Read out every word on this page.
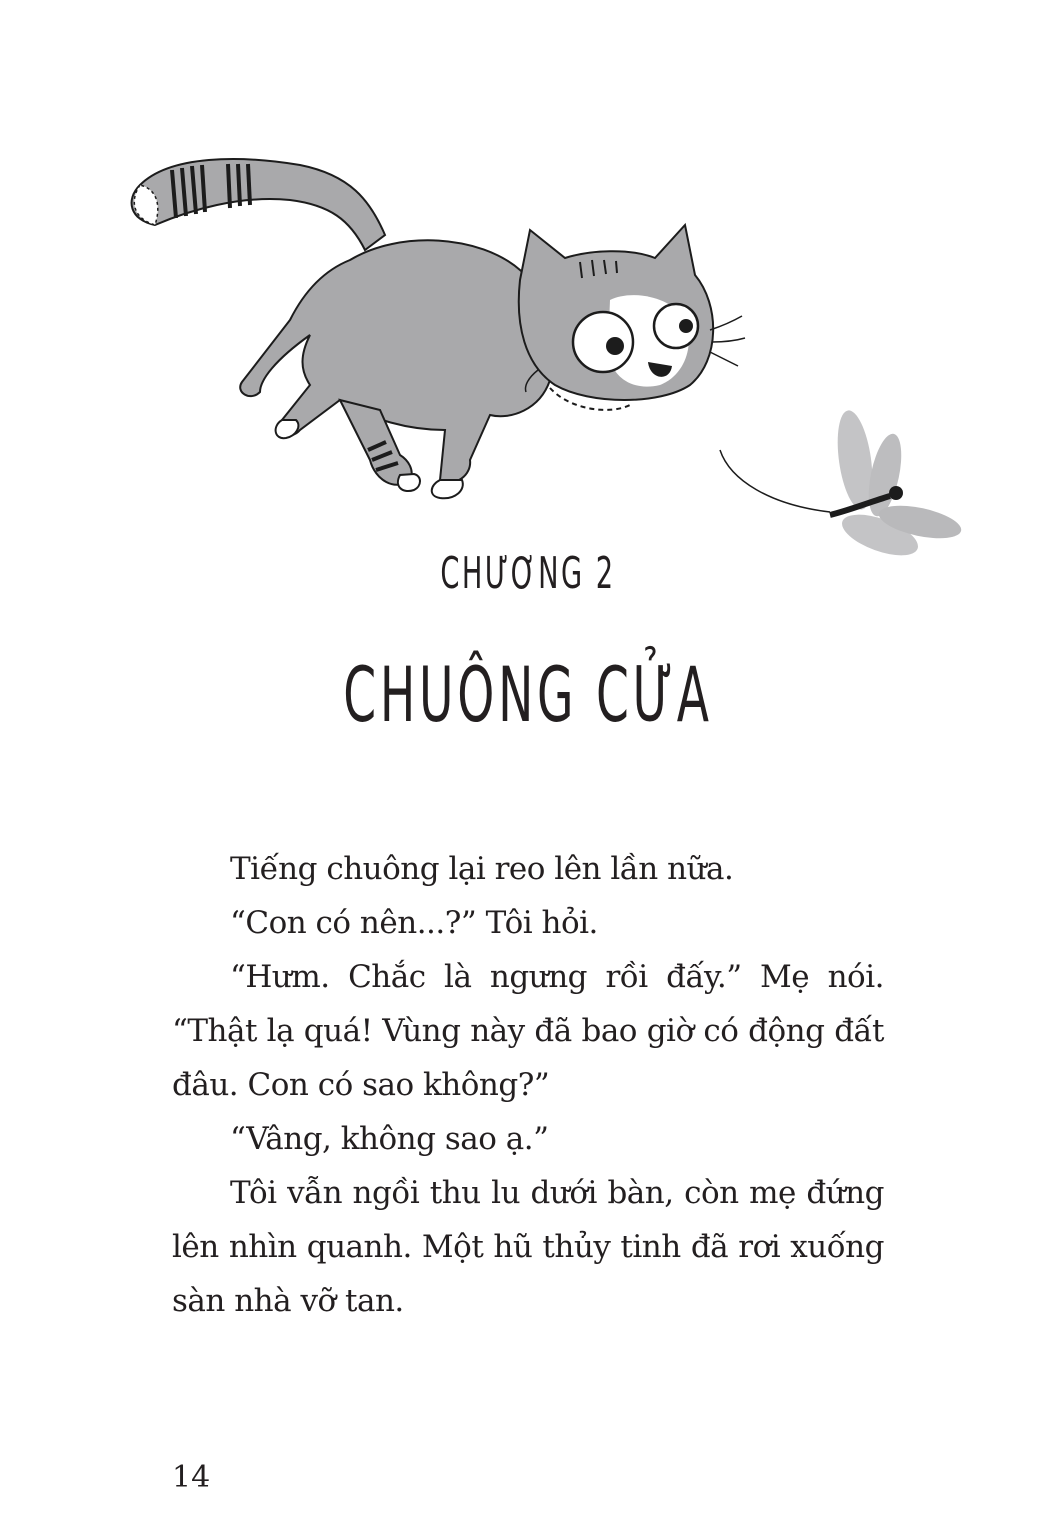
CHƯƠNG 2
CHUÔNG CỬA

Tiếng chuông lại reo lên lần nữa.

“Con có nên...?” Tôi hỏi.

“Hưm. Chắc là ngưng rồi đấy.” Mẹ nói. “Thật lạ quá! Vùng này đã bao giờ có động đất đâu. Con có sao không?”

“Vâng, không sao ạ.”

Tôi vẫn ngồi thu lu dưới bàn, còn mẹ đứng lên nhìn quanh. Một hũ thủy tinh đã rơi xuống sàn nhà vỡ tan.

14
